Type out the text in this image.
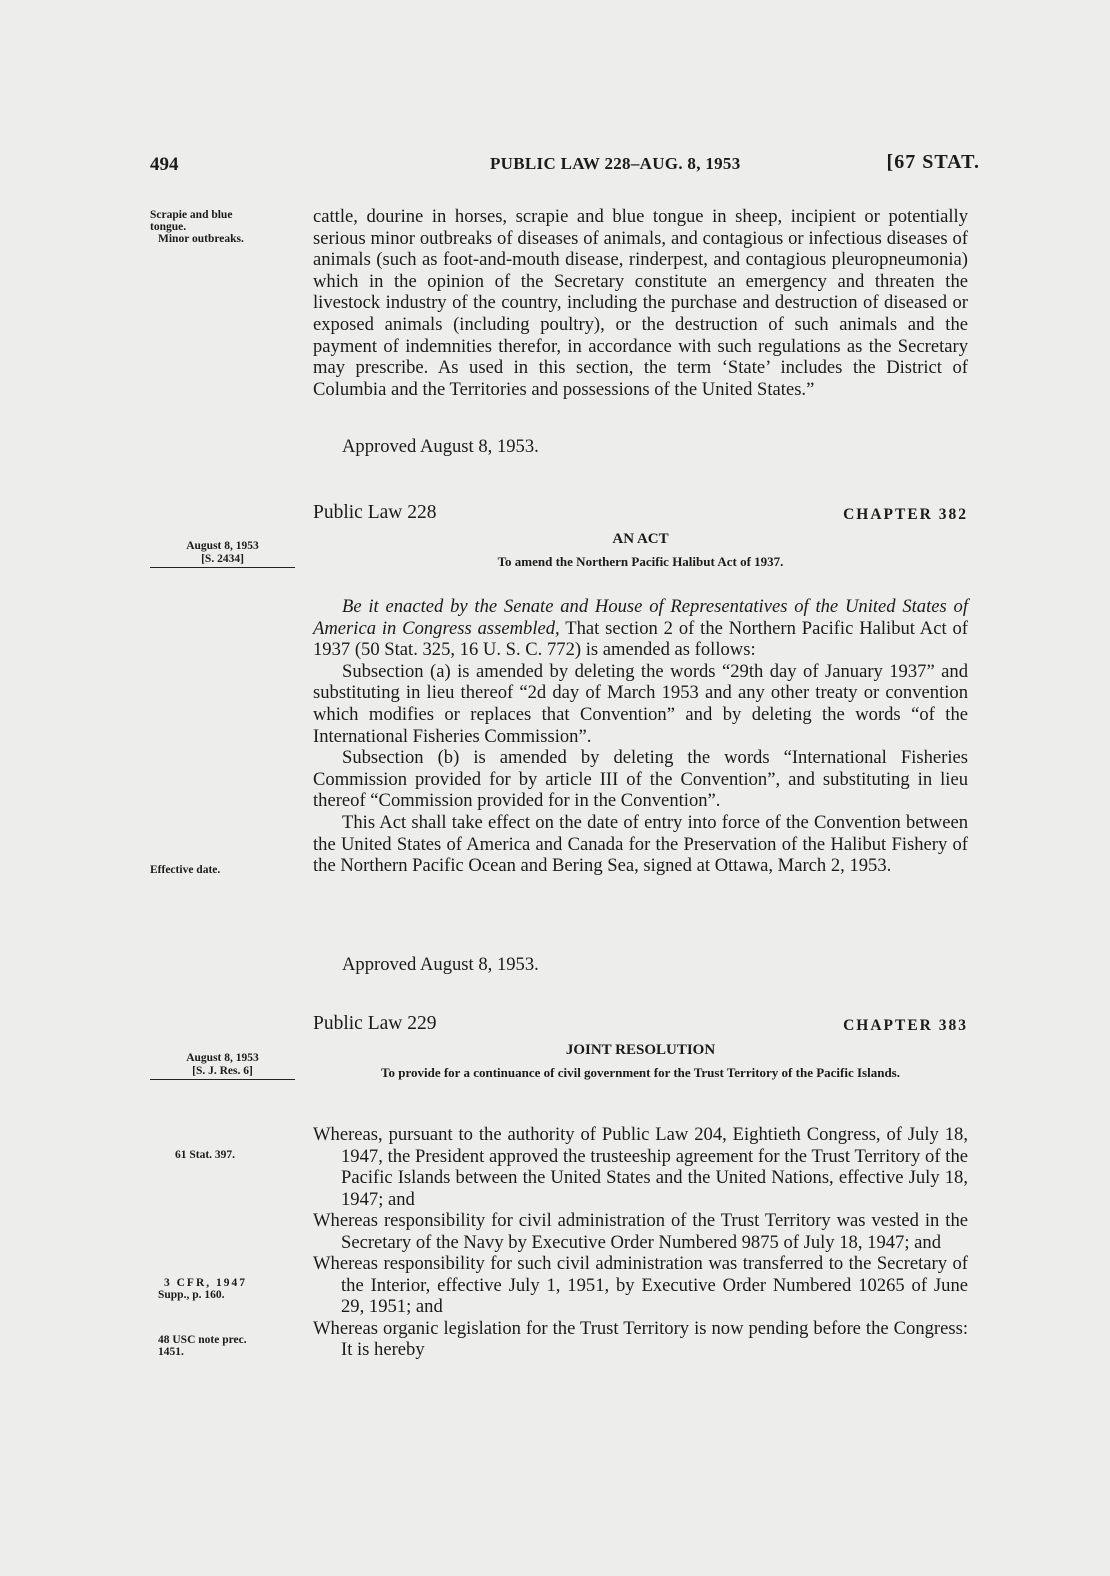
494	PUBLIC LAW 228–AUG. 8, 1953	[67 STAT.
Scrapie and blue
tongue.
Minor outbreaks.
August 8, 1953
[S. 2434]
Effective date.
August 8, 1953
[S. J. Res. 6]
61 Stat. 397.
3 CFR, 1947
Supp., p. 160.
48 USC note prec.
1451.

cattle, dourine in horses, scrapie and blue tongue in sheep, incipient or potentially serious minor outbreaks of diseases of animals, and contagious or infectious diseases of animals (such as foot-and-mouth disease, rinderpest, and contagious pleuropneumonia) which in the opinion of the Secretary constitute an emergency and threaten the livestock industry of the country, including the purchase and destruction of diseased or exposed animals (including poultry), or the destruction of such animals and the payment of indemnities therefor, in accordance with such regulations as the Secretary may prescribe. As used in this section, the term ‘State’ includes the District of Columbia and the Territories and possessions of the United States.”

Approved August 8, 1953.
Public Law 228	CHAPTER 382
AN ACT
To amend the Northern Pacific Halibut Act of 1937.

Be it enacted by the Senate and House of Representatives of the United States of America in Congress assembled, That section 2 of the Northern Pacific Halibut Act of 1937 (50 Stat. 325, 16 U. S. C. 772) is amended as follows:

Subsection (a) is amended by deleting the words “29th day of January 1937” and substituting in lieu thereof “2d day of March 1953 and any other treaty or convention which modifies or replaces that Convention” and by deleting the words “of the International Fisheries Commission”.

Subsection (b) is amended by deleting the words “International Fisheries Commission provided for by article III of the Convention”, and substituting in lieu thereof “Commission provided for in the Convention”.

This Act shall take effect on the date of entry into force of the Convention between the United States of America and Canada for the Preservation of the Halibut Fishery of the Northern Pacific Ocean and Bering Sea, signed at Ottawa, March 2, 1953.

Approved August 8, 1953.
Public Law 229	CHAPTER 383
JOINT RESOLUTION
To provide for a continuance of civil government for the Trust Territory of the Pacific Islands.

Whereas, pursuant to the authority of Public Law 204, Eightieth Congress, of July 18, 1947, the President approved the trusteeship agreement for the Trust Territory of the Pacific Islands between the United States and the United Nations, effective July 18, 1947; and

Whereas responsibility for civil administration of the Trust Territory was vested in the Secretary of the Navy by Executive Order Numbered 9875 of July 18, 1947; and

Whereas responsibility for such civil administration was transferred to the Secretary of the Interior, effective July 1, 1951, by Executive Order Numbered 10265 of June 29, 1951; and

Whereas organic legislation for the Trust Territory is now pending before the Congress: It is hereby
